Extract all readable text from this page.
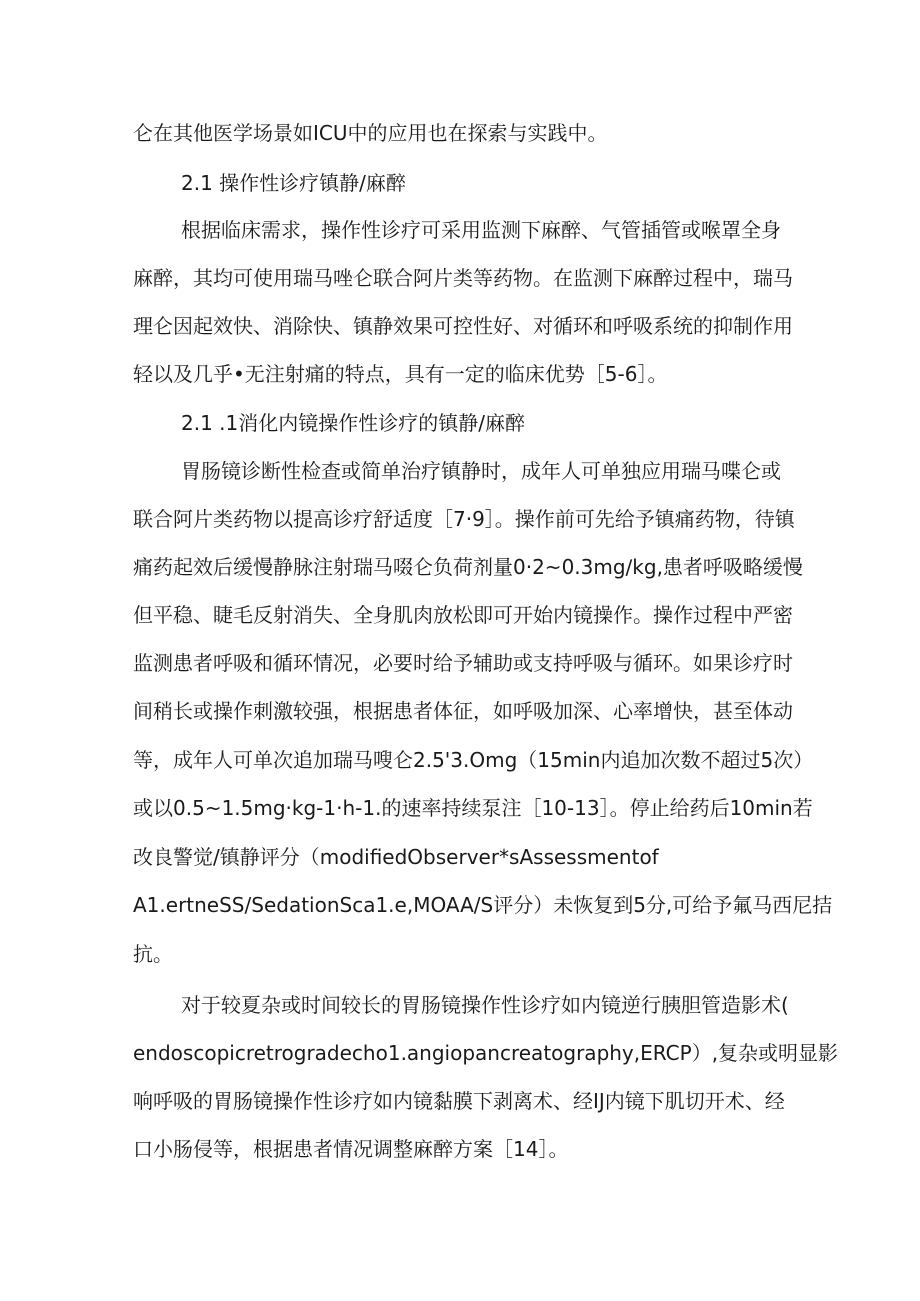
仑在其他医学场景如ICU中的应用也在探索与实践中。
2.1 操作性诊疗镇静/麻醉
根据临床需求，操作性诊疗可采用监测下麻醉、气管插管或喉罩全身
麻醉，其均可使用瑞马唑仑联合阿片类等药物。在监测下麻醉过程中，瑞马
理仑因起效快、消除快、镇静效果可控性好、对循环和呼吸系统的抑制作用
轻以及几乎•无注射痛的特点，具有一定的临床优势［5-6］。
2.1 .1消化内镜操作性诊疗的镇静/麻醉
胃肠镜诊断性检查或简单治疗镇静时，成年人可单独应用瑞马喋仑或
联合阿片类药物以提高诊疗舒适度［7·9］。操作前可先给予镇痛药物，待镇
痛药起效后缓慢静脉注射瑞马啜仑负荷剂量0·2~0.3mg∕kg,患者呼吸略缓慢
但平稳、睫毛反射消失、全身肌肉放松即可开始内镜操作。操作过程中严密
监测患者呼吸和循环情况，必要时给予辅助或支持呼吸与循环。如果诊疗时
间稍长或操作刺激较强，根据患者体征，如呼吸加深、心率增快，甚至体动
等，成年人可单次追加瑞马嗖仑2.5'3.Omg（15min内追加次数不超过5次）
或以0.5~1.5mg·kg-1·h-1.的速率持续泵注［10-13］。停止给药后10min若
改良警觉/镇静评分（modifiedObserver*sAssessmentof
A1.ertneSS/SedationSca1.e,MOAA/S评分）未恢复到5分,可给予氟马西尼拮
抗。
对于较夏杂或时间较长的胃肠镜操作性诊疗如内镜逆行胰胆管造影术(
endoscopicretrogradecho1.angiopancreatography,ERCP）,复杂或明显影
响呼吸的胃肠镜操作性诊疗如内镜黏膜下剥离术、经IJ内镜下肌切开术、经
口小肠侵等，根据患者情况调整麻醉方案［14］。
